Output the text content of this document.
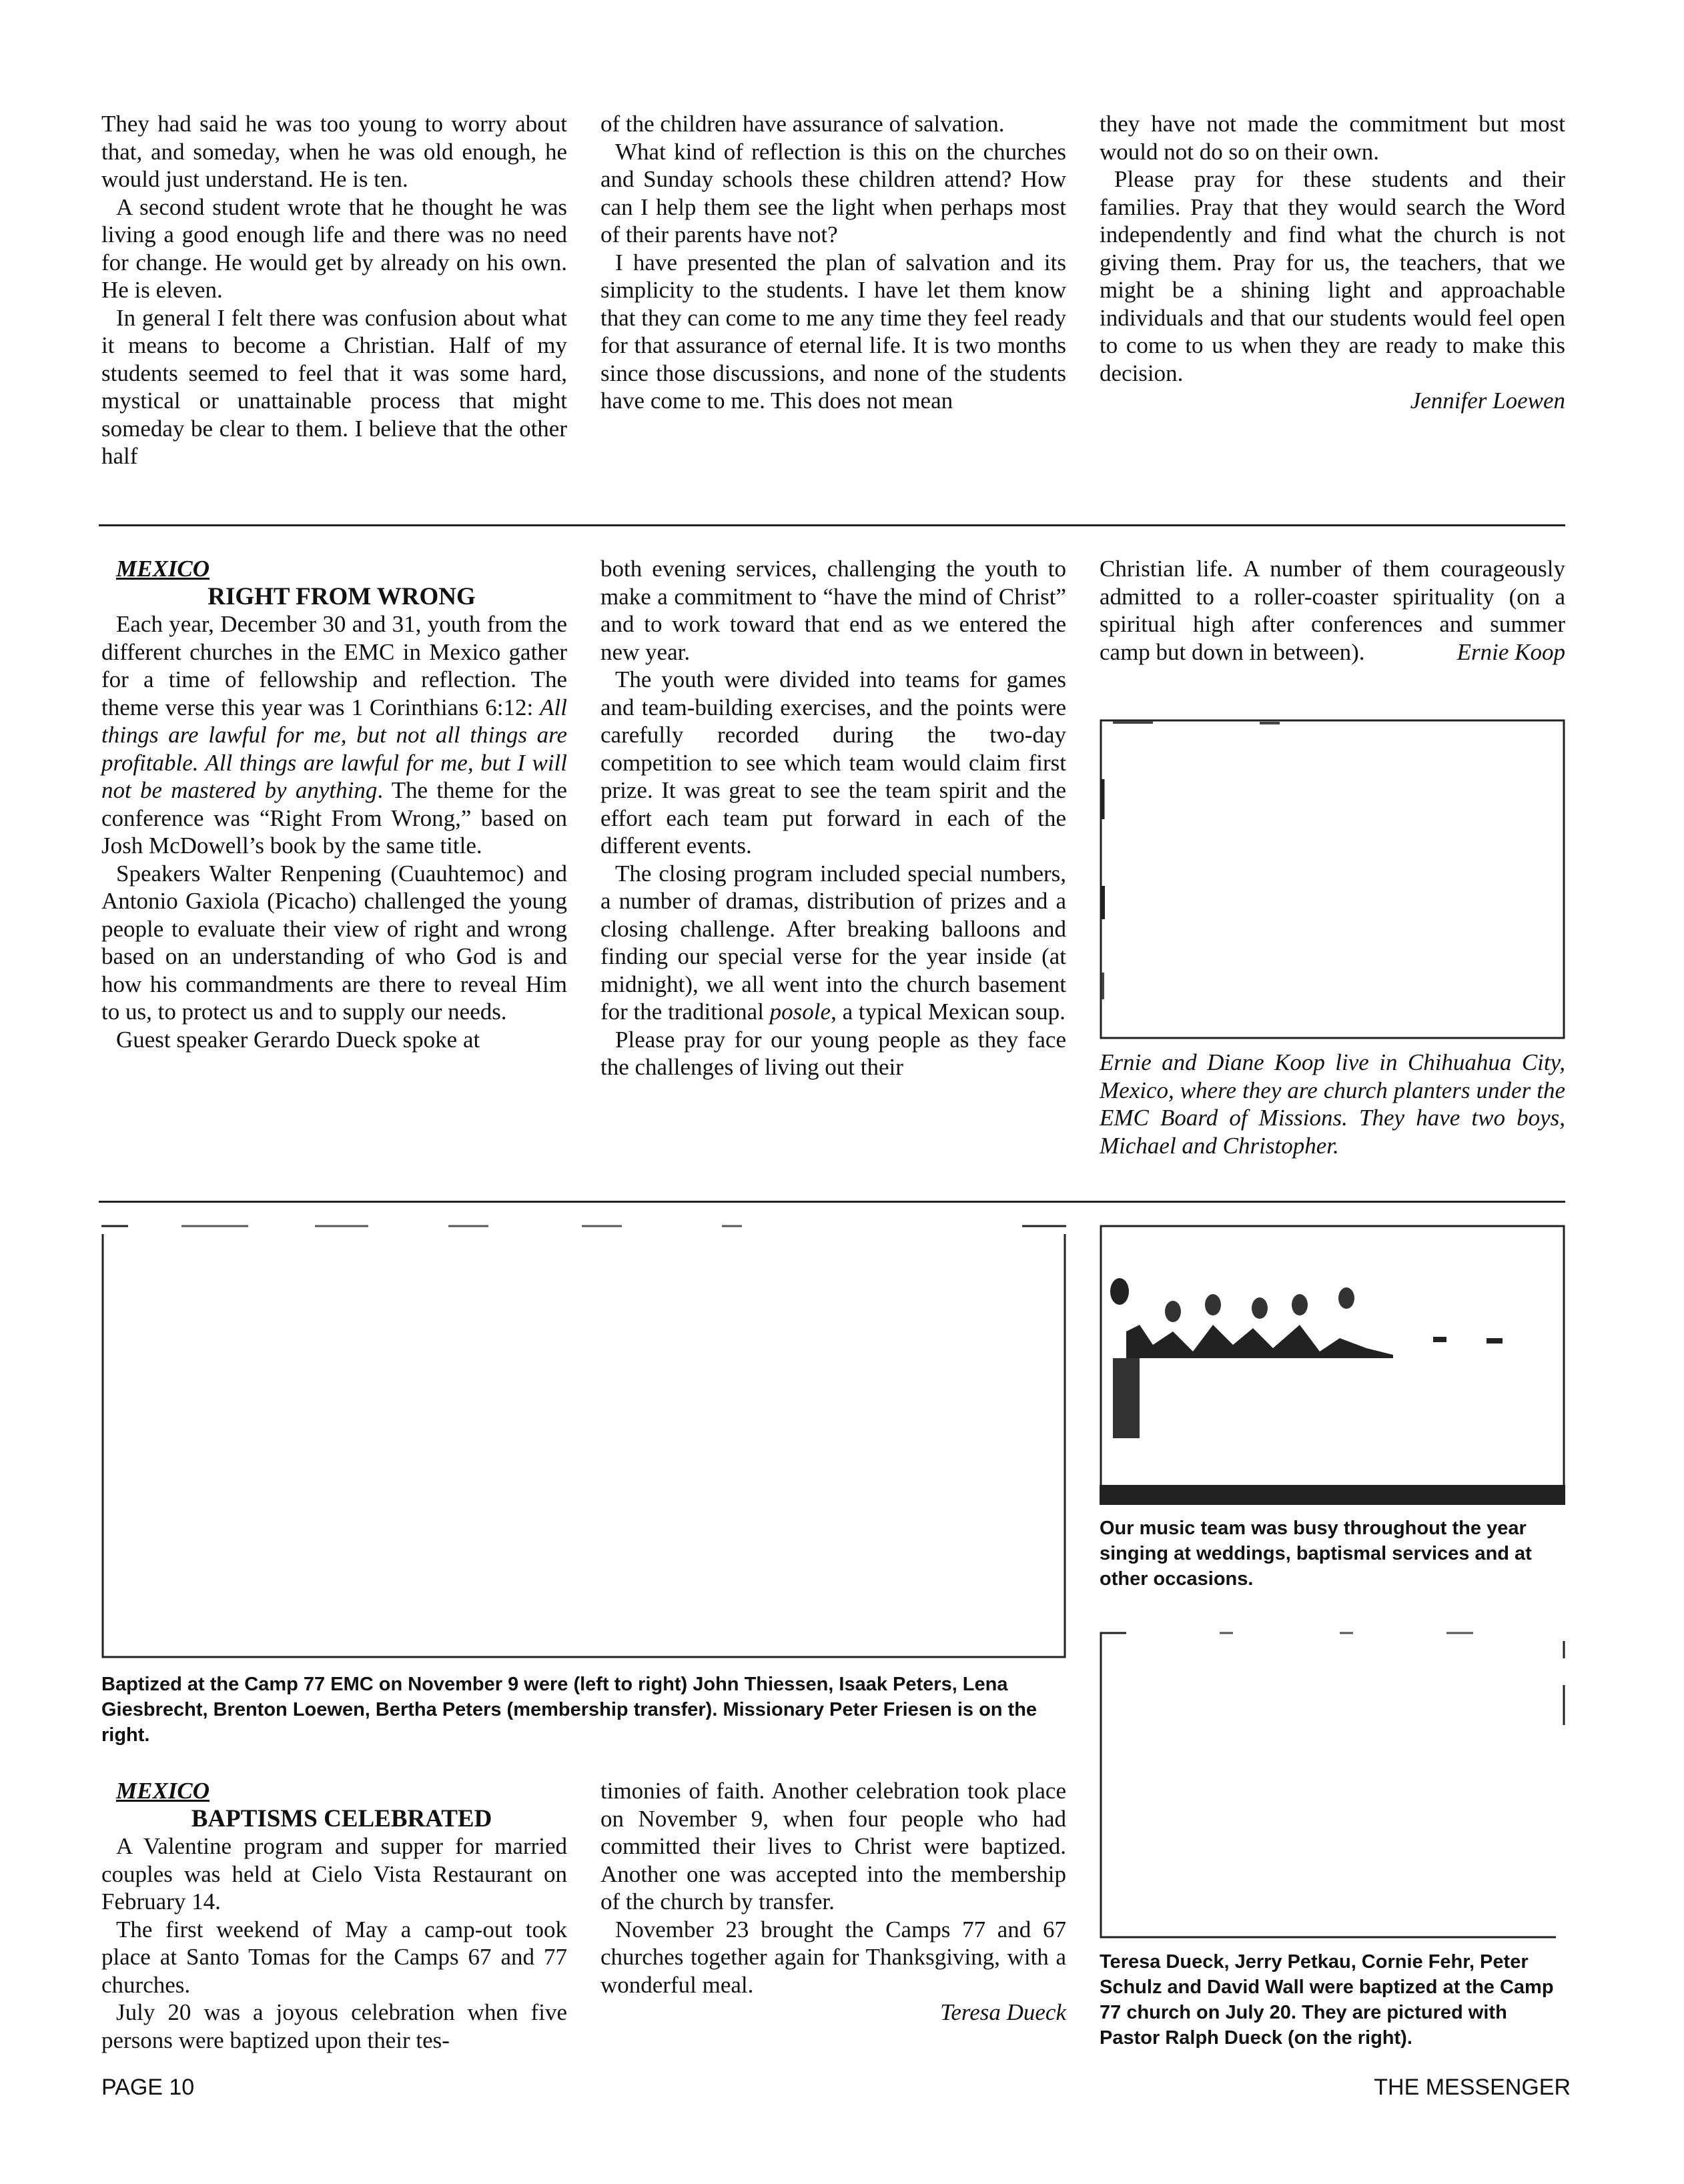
They had said he was too young to worry about that, and someday, when he was old enough, he would just understand. He is ten.

A second student wrote that he thought he was living a good enough life and there was no need for change. He would get by already on his own. He is eleven.

In general I felt there was confusion about what it means to become a Christian. Half of my students seemed to feel that it was some hard, mystical or unattainable process that might someday be clear to them. I believe that the other half

of the children have assurance of salvation.

What kind of reflection is this on the churches and Sunday schools these children attend? How can I help them see the light when perhaps most of their parents have not?

I have presented the plan of salvation and its simplicity to the students. I have let them know that they can come to me any time they feel ready for that assurance of eternal life. It is two months since those discussions, and none of the students have come to me. This does not mean

they have not made the commitment but most would not do so on their own.

Please pray for these students and their families. Pray that they would search the Word independently and find what the church is not giving them. Pray for us, the teachers, that we might be a shining light and approachable individuals and that our students would feel open to come to us when they are ready to make this decision.

Jennifer Loewen

MEXICO

RIGHT FROM WRONG

Each year, December 30 and 31, youth from the different churches in the EMC in Mexico gather for a time of fellowship and reflection. The theme verse this year was 1 Corinthians 6:12: All things are lawful for me, but not all things are profitable. All things are lawful for me, but I will not be mastered by anything. The theme for the conference was “Right From Wrong,” based on Josh McDowell’s book by the same title.

Speakers Walter Renpening (Cuauhtemoc) and Antonio Gaxiola (Picacho) challenged the young people to evaluate their view of right and wrong based on an understanding of who God is and how his commandments are there to reveal Him to us, to protect us and to supply our needs.

Guest speaker Gerardo Dueck spoke at

both evening services, challenging the youth to make a commitment to “have the mind of Christ” and to work toward that end as we entered the new year.

The youth were divided into teams for games and team-building exercises, and the points were carefully recorded during the two-day competition to see which team would claim first prize. It was great to see the team spirit and the effort each team put forward in each of the different events.

The closing program included special numbers, a number of dramas, distribution of prizes and a closing challenge. After breaking balloons and finding our special verse for the year inside (at midnight), we all went into the church basement for the traditional posole, a typical Mexican soup.

Please pray for our young people as they face the challenges of living out their

Christian life. A number of them courageously admitted to a roller-coaster spirituality (on a spiritual high after conferences and summer camp but down in between).	Ernie Koop

Ernie and Diane Koop live in Chihuahua City, Mexico, where they are church planters under the EMC Board of Missions. They have two boys, Michael and Christopher.
Baptized at the Camp 77 EMC on November 9 were (left to right) John Thiessen, Isaak Peters, Lena Giesbrecht, Brenton Loewen, Bertha Peters (membership transfer). Missionary Peter Friesen is on the right.
Our music team was busy throughout the year singing at weddings, baptismal services and at other occasions.
Teresa Dueck, Jerry Petkau, Cornie Fehr, Peter Schulz and David Wall were baptized at the Camp 77 church on July 20. They are pictured with Pastor Ralph Dueck (on the right).

MEXICO

BAPTISMS CELEBRATED

A Valentine program and supper for married couples was held at Cielo Vista Restaurant on February 14.

The first weekend of May a camp-out took place at Santo Tomas for the Camps 67 and 77 churches.

July 20 was a joyous celebration when five persons were baptized upon their tes-

timonies of faith. Another celebration took place on November 9, when four people who had committed their lives to Christ were baptized. Another one was accepted into the membership of the church by transfer.

November 23 brought the Camps 77 and 67 churches together again for Thanksgiving, with a wonderful meal.

Teresa Dueck

PAGE 10	THE MESSENGER
